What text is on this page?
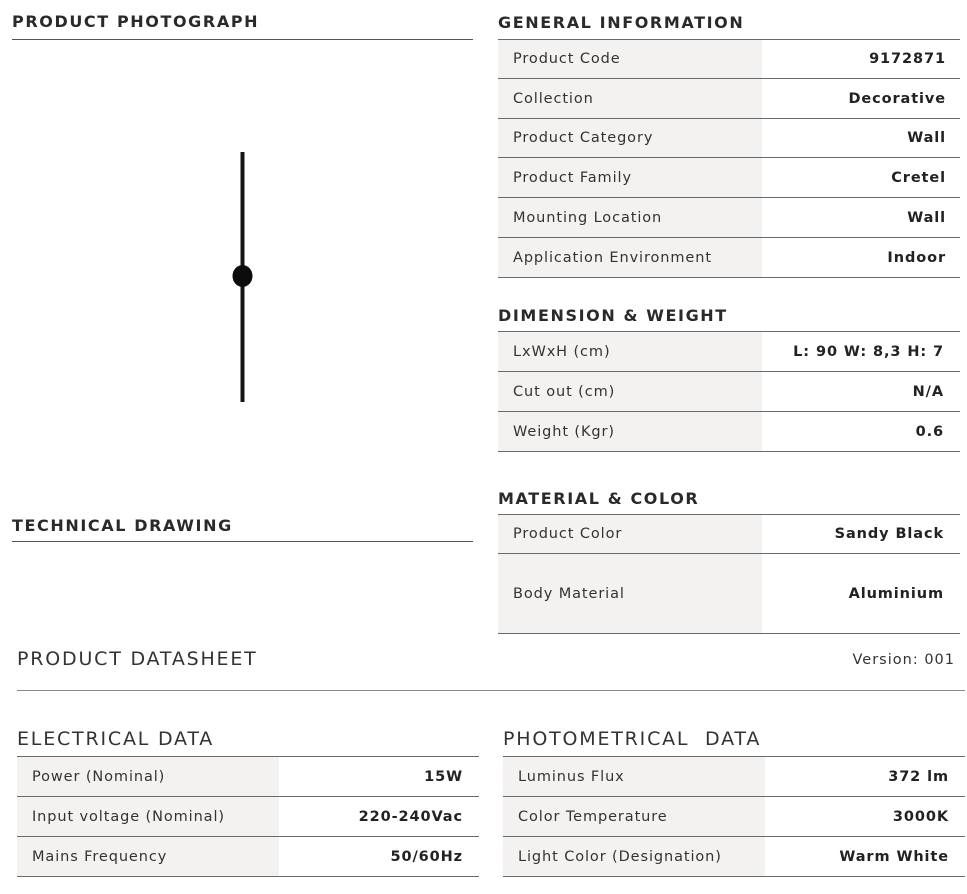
PRODUCT PHOTOGRAPH
TECHNICAL DRAWING
GENERAL INFORMATION
Product Code	9172871
Collection	Decorative
Product Category	Wall
Product Family	Cretel
Mounting Location	Wall
Application Environment	Indoor
DIMENSION & WEIGHT
LxWxH (cm)	L: 90 W: 8,3 H: 7
Cut out (cm)	N/A
Weight (Kgr)	0.6
MATERIAL & COLOR
Product Color	Sandy Black
Body Material	Aluminium
PRODUCT DATASHEET	Version: 001
ELECTRICAL DATA
Power (Nominal)	15W
Input voltage (Nominal)	220-240Vac
Mains Frequency	50/60Hz
PHOTOMETRICAL  DATA
Luminus Flux	372 lm
Color Temperature	3000K
Light Color (Designation)	Warm White
